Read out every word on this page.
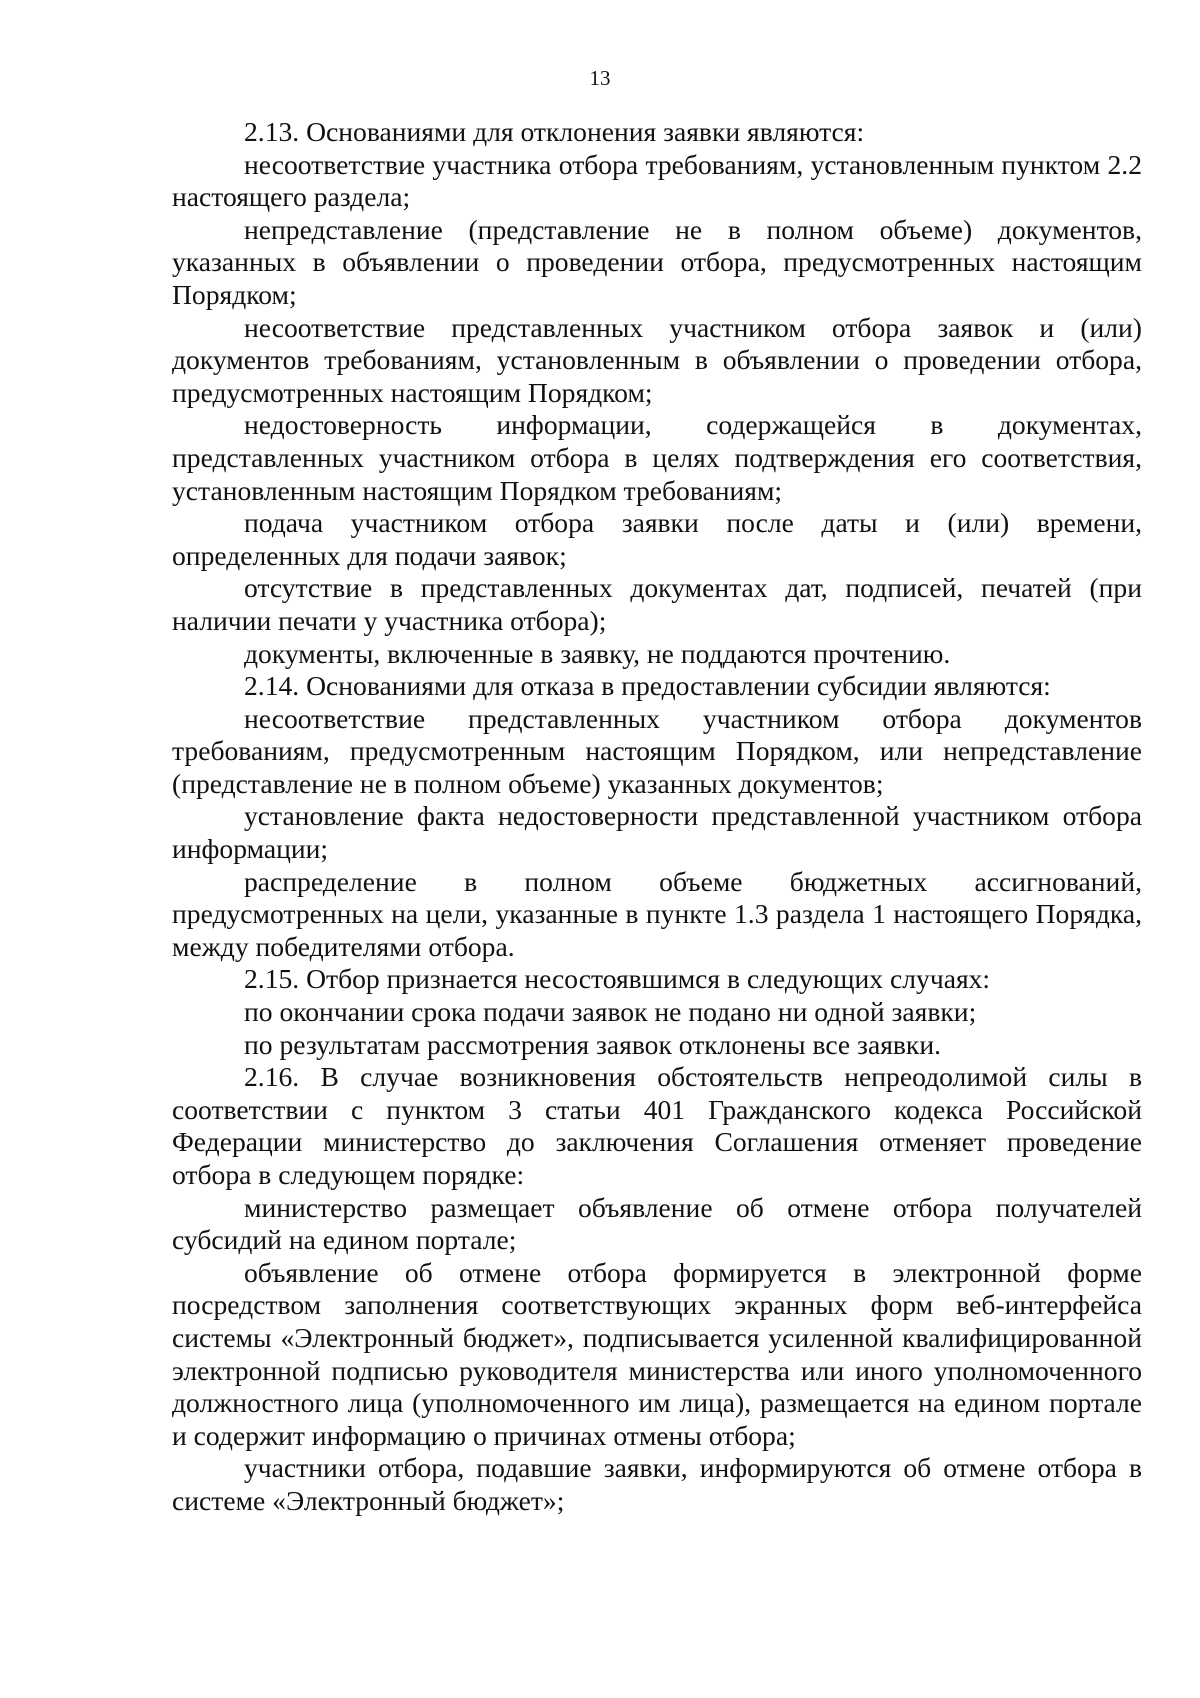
13

2.13. Основаниями для отклонения заявки являются:

несоответствие участника отбора требованиям, установленным пунктом 2.2 настоящего раздела;

непредставление (представление не в полном объеме) документов, указанных в объявлении о проведении отбора, предусмотренных настоящим Порядком;

несоответствие представленных участником отбора заявок и (или) документов требованиям, установленным в объявлении о проведении отбора, предусмотренных настоящим Порядком;

недостоверность информации, содержащейся в документах, представленных участником отбора в целях подтверждения его соответствия, установленным настоящим Порядком требованиям;

подача участником отбора заявки после даты и (или) времени, определенных для подачи заявок;

отсутствие в представленных документах дат, подписей, печатей (при наличии печати у участника отбора);

документы, включенные в заявку, не поддаются прочтению.

2.14. Основаниями для отказа в предоставлении субсидии являются:

несоответствие представленных участником отбора документов требованиям, предусмотренным настоящим Порядком, или непредставление (представление не в полном объеме) указанных документов;

установление факта недостоверности представленной участником отбора информации;

распределение в полном объеме бюджетных ассигнований, предусмотренных на цели, указанные в пункте 1.3 раздела 1 настоящего Порядка, между победителями отбора.

2.15. Отбор признается несостоявшимся в следующих случаях:

по окончании срока подачи заявок не подано ни одной заявки;

по результатам рассмотрения заявок отклонены все заявки.

2.16. В случае возникновения обстоятельств непреодолимой силы в соответствии с пунктом 3 статьи 401 Гражданского кодекса Российской Федерации министерство до заключения Соглашения отменяет проведение отбора в следующем порядке:

министерство размещает объявление об отмене отбора получателей субсидий на едином портале;

объявление об отмене отбора формируется в электронной форме посредством заполнения соответствующих экранных форм веб-интерфейса системы «Электронный бюджет», подписывается усиленной квалифицированной электронной подписью руководителя министерства или иного уполномоченного должностного лица (уполномоченного им лица), размещается на едином портале и содержит информацию о причинах отмены отбора;

участники отбора, подавшие заявки, информируются об отмене отбора в системе «Электронный бюджет»;
